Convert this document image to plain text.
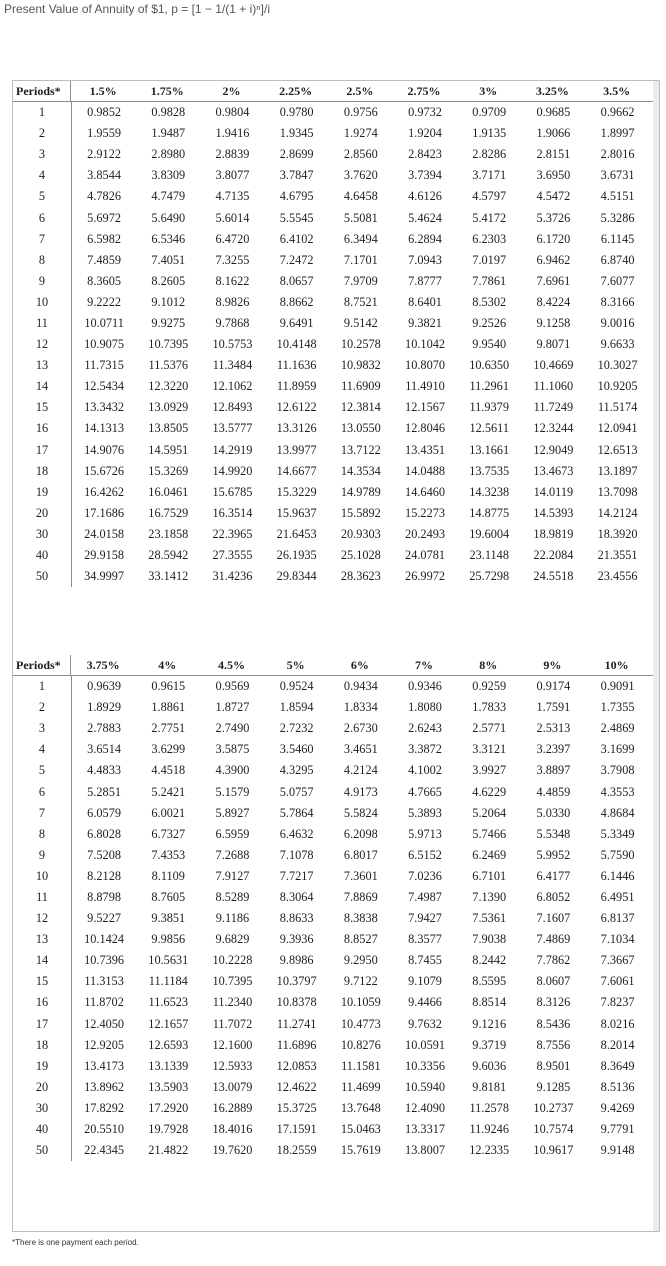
Present Value of Annuity of $1, p = [1 − 1/(1 + i)ⁿ]/i
Periods*	1.5%	1.75%	2%	2.25%	2.5%	2.75%	3%	3.25%	3.5%
1	0.9852	0.9828	0.9804	0.9780	0.9756	0.9732	0.9709	0.9685	0.9662
2	1.9559	1.9487	1.9416	1.9345	1.9274	1.9204	1.9135	1.9066	1.8997
3	2.9122	2.8980	2.8839	2.8699	2.8560	2.8423	2.8286	2.8151	2.8016
4	3.8544	3.8309	3.8077	3.7847	3.7620	3.7394	3.7171	3.6950	3.6731
5	4.7826	4.7479	4.7135	4.6795	4.6458	4.6126	4.5797	4.5472	4.5151
6	5.6972	5.6490	5.6014	5.5545	5.5081	5.4624	5.4172	5.3726	5.3286
7	6.5982	6.5346	6.4720	6.4102	6.3494	6.2894	6.2303	6.1720	6.1145
8	7.4859	7.4051	7.3255	7.2472	7.1701	7.0943	7.0197	6.9462	6.8740
9	8.3605	8.2605	8.1622	8.0657	7.9709	7.8777	7.7861	7.6961	7.6077
10	9.2222	9.1012	8.9826	8.8662	8.7521	8.6401	8.5302	8.4224	8.3166
11	10.0711	9.9275	9.7868	9.6491	9.5142	9.3821	9.2526	9.1258	9.0016
12	10.9075	10.7395	10.5753	10.4148	10.2578	10.1042	9.9540	9.8071	9.6633
13	11.7315	11.5376	11.3484	11.1636	10.9832	10.8070	10.6350	10.4669	10.3027
14	12.5434	12.3220	12.1062	11.8959	11.6909	11.4910	11.2961	11.1060	10.9205
15	13.3432	13.0929	12.8493	12.6122	12.3814	12.1567	11.9379	11.7249	11.5174
16	14.1313	13.8505	13.5777	13.3126	13.0550	12.8046	12.5611	12.3244	12.0941
17	14.9076	14.5951	14.2919	13.9977	13.7122	13.4351	13.1661	12.9049	12.6513
18	15.6726	15.3269	14.9920	14.6677	14.3534	14.0488	13.7535	13.4673	13.1897
19	16.4262	16.0461	15.6785	15.3229	14.9789	14.6460	14.3238	14.0119	13.7098
20	17.1686	16.7529	16.3514	15.9637	15.5892	15.2273	14.8775	14.5393	14.2124
30	24.0158	23.1858	22.3965	21.6453	20.9303	20.2493	19.6004	18.9819	18.3920
40	29.9158	28.5942	27.3555	26.1935	25.1028	24.0781	23.1148	22.2084	21.3551
50	34.9997	33.1412	31.4236	29.8344	28.3623	26.9972	25.7298	24.5518	23.4556
Periods*	3.75%	4%	4.5%	5%	6%	7%	8%	9%	10%
1	0.9639	0.9615	0.9569	0.9524	0.9434	0.9346	0.9259	0.9174	0.9091
2	1.8929	1.8861	1.8727	1.8594	1.8334	1.8080	1.7833	1.7591	1.7355
3	2.7883	2.7751	2.7490	2.7232	2.6730	2.6243	2.5771	2.5313	2.4869
4	3.6514	3.6299	3.5875	3.5460	3.4651	3.3872	3.3121	3.2397	3.1699
5	4.4833	4.4518	4.3900	4.3295	4.2124	4.1002	3.9927	3.8897	3.7908
6	5.2851	5.2421	5.1579	5.0757	4.9173	4.7665	4.6229	4.4859	4.3553
7	6.0579	6.0021	5.8927	5.7864	5.5824	5.3893	5.2064	5.0330	4.8684
8	6.8028	6.7327	6.5959	6.4632	6.2098	5.9713	5.7466	5.5348	5.3349
9	7.5208	7.4353	7.2688	7.1078	6.8017	6.5152	6.2469	5.9952	5.7590
10	8.2128	8.1109	7.9127	7.7217	7.3601	7.0236	6.7101	6.4177	6.1446
11	8.8798	8.7605	8.5289	8.3064	7.8869	7.4987	7.1390	6.8052	6.4951
12	9.5227	9.3851	9.1186	8.8633	8.3838	7.9427	7.5361	7.1607	6.8137
13	10.1424	9.9856	9.6829	9.3936	8.8527	8.3577	7.9038	7.4869	7.1034
14	10.7396	10.5631	10.2228	9.8986	9.2950	8.7455	8.2442	7.7862	7.3667
15	11.3153	11.1184	10.7395	10.3797	9.7122	9.1079	8.5595	8.0607	7.6061
16	11.8702	11.6523	11.2340	10.8378	10.1059	9.4466	8.8514	8.3126	7.8237
17	12.4050	12.1657	11.7072	11.2741	10.4773	9.7632	9.1216	8.5436	8.0216
18	12.9205	12.6593	12.1600	11.6896	10.8276	10.0591	9.3719	8.7556	8.2014
19	13.4173	13.1339	12.5933	12.0853	11.1581	10.3356	9.6036	8.9501	8.3649
20	13.8962	13.5903	13.0079	12.4622	11.4699	10.5940	9.8181	9.1285	8.5136
30	17.8292	17.2920	16.2889	15.3725	13.7648	12.4090	11.2578	10.2737	9.4269
40	20.5510	19.7928	18.4016	17.1591	15.0463	13.3317	11.9246	10.7574	9.7791
50	22.4345	21.4822	19.7620	18.2559	15.7619	13.8007	12.2335	10.9617	9.9148
*There is one payment each period.
